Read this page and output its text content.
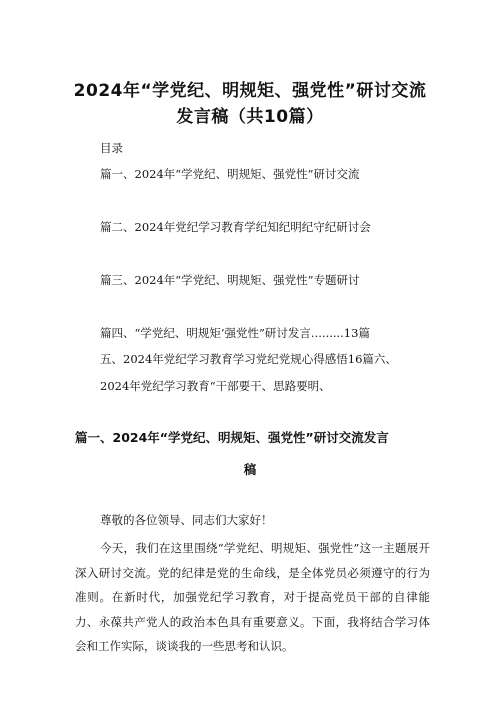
2024年“学党纪、明规矩、强党性”研讨交流
发言稿（共10篇）
目录
篇一、2024年“学党纪、明规矩、强党性”研讨交流
篇二、2024年党纪学习教育学纪知纪明纪守纪研讨会
篇三、2024年“学党纪、明规矩、强党性”专题研讨
篇四、“学党纪、明规矩’强党性”研讨发言.........13篇
五、2024年党纪学习教育学习党纪党规心得感悟16篇六、
2024年党纪学习教育“干部要干、思路要明、
篇一、2024年“学党纪、明规矩、强党性”研讨交流发言
稿
尊敬的各位领导、同志们大家好！
今天，我们在这里围绕“学党纪、明规矩、强党性”这一主题展开深入研讨交流。党的纪律是党的生命线，是全体党员必须遵守的行为准则。在新时代，加强党纪学习教育，对于提高党员干部的自律能力、永葆共产党人的政治本色具有重要意义。下面，我将结合学习体会和工作实际，谈谈我的一些思考和认识。
